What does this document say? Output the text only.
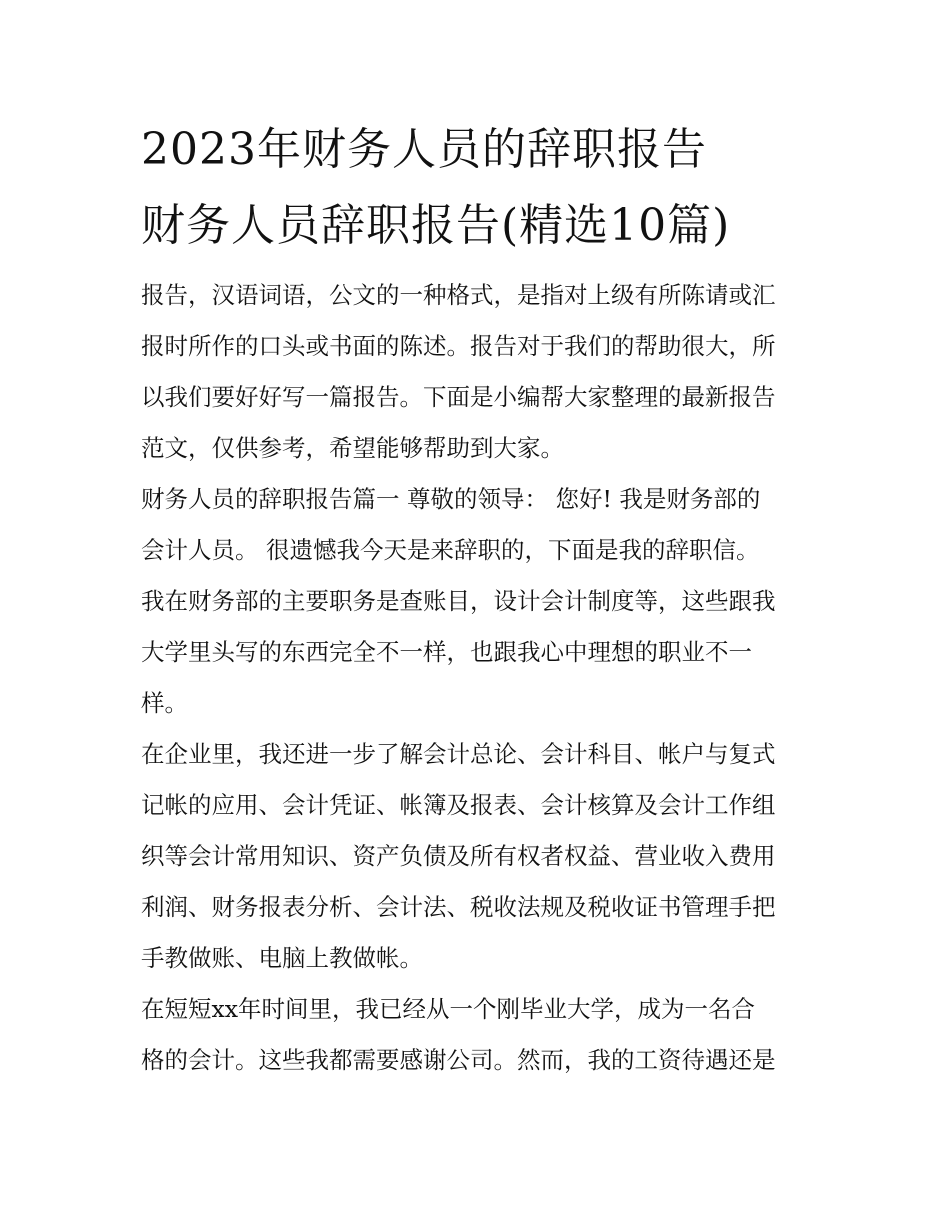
2023年财务人员的辞职报告
财务人员辞职报告(精选10篇)

报告，汉语词语，公文的一种格式，是指对上级有所陈请或汇
报时所作的口头或书面的陈述。报告对于我们的帮助很大，所
以我们要好好写一篇报告。下面是小编帮大家整理的最新报告
范文，仅供参考，希望能够帮助到大家。

财务人员的辞职报告篇一 尊敬的领导： 您好! 我是财务部的
会计人员。 很遗憾我今天是来辞职的，下面是我的辞职信。
我在财务部的主要职务是查账目，设计会计制度等，这些跟我
大学里头写的东西完全不一样，也跟我心中理想的职业不一
样。

在企业里，我还进一步了解会计总论、会计科目、帐户与复式
记帐的应用、会计凭证、帐簿及报表、会计核算及会计工作组
织等会计常用知识、资产负债及所有权者权益、营业收入费用
利润、财务报表分析、会计法、税收法规及税收证书管理手把
手教做账、电脑上教做帐。

在短短xx年时间里，我已经从一个刚毕业大学，成为一名合
格的会计。这些我都需要感谢公司。然而，我的工资待遇还是
